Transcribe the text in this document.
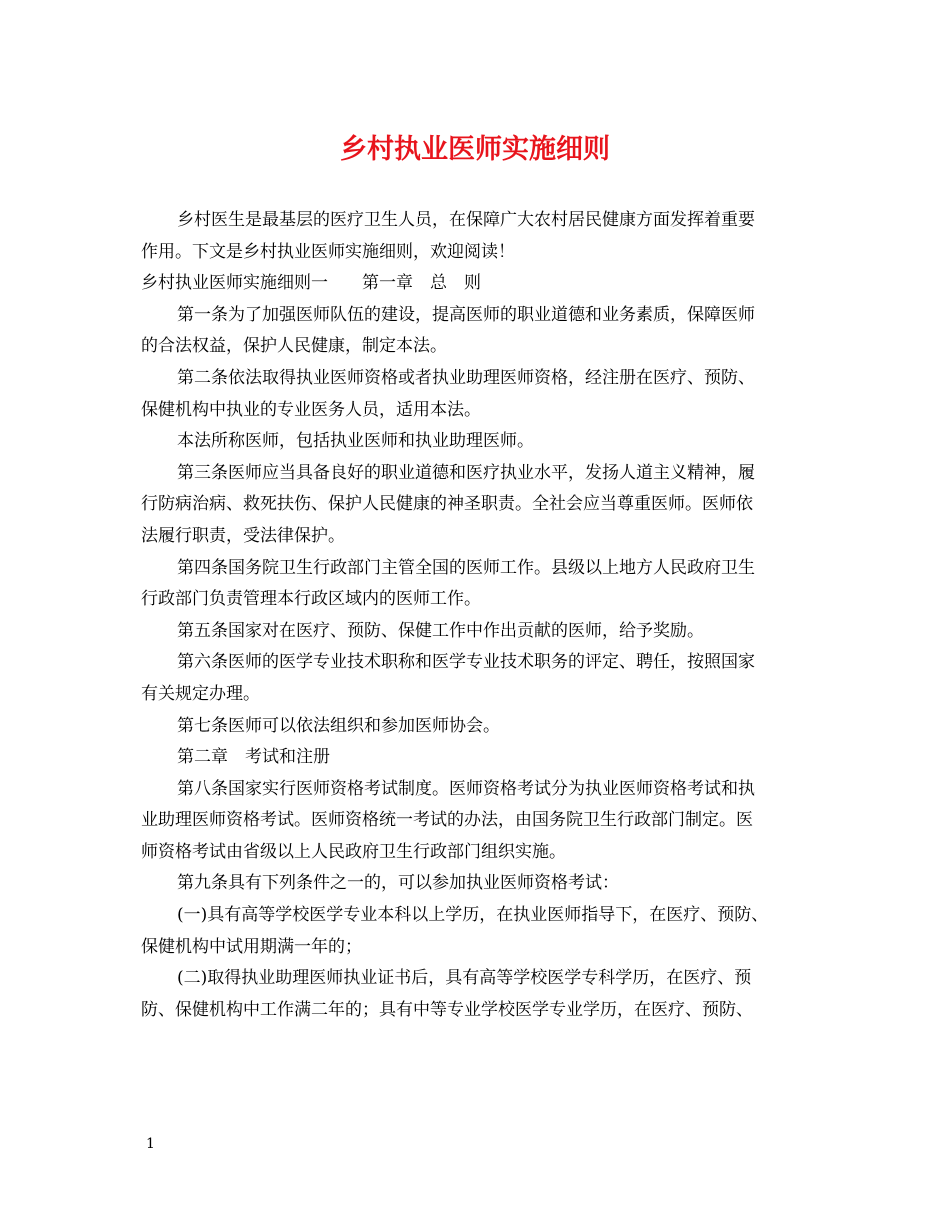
乡村执业医师实施细则

乡村医生是最基层的医疗卫生人员，在保障广大农村居民健康方面发挥着重要

作用。下文是乡村执业医师实施细则，欢迎阅读！

乡村执业医师实施细则一　　第一章　总　则

第一条为了加强医师队伍的建设，提高医师的职业道德和业务素质，保障医师

的合法权益，保护人民健康，制定本法。

第二条依法取得执业医师资格或者执业助理医师资格，经注册在医疗、预防、

保健机构中执业的专业医务人员，适用本法。

本法所称医师，包括执业医师和执业助理医师。

第三条医师应当具备良好的职业道德和医疗执业水平，发扬人道主义精神，履

行防病治病、救死扶伤、保护人民健康的神圣职责。全社会应当尊重医师。医师依

法履行职责，受法律保护。

第四条国务院卫生行政部门主管全国的医师工作。县级以上地方人民政府卫生

行政部门负责管理本行政区域内的医师工作。

第五条国家对在医疗、预防、保健工作中作出贡献的医师，给予奖励。

第六条医师的医学专业技术职称和医学专业技术职务的评定、聘任，按照国家

有关规定办理。

第七条医师可以依法组织和参加医师协会。

第二章　考试和注册

第八条国家实行医师资格考试制度。医师资格考试分为执业医师资格考试和执

业助理医师资格考试。医师资格统一考试的办法，由国务院卫生行政部门制定。医

师资格考试由省级以上人民政府卫生行政部门组织实施。

第九条具有下列条件之一的，可以参加执业医师资格考试：

(一)具有高等学校医学专业本科以上学历，在执业医师指导下，在医疗、预防、

保健机构中试用期满一年的；

(二)取得执业助理医师执业证书后，具有高等学校医学专科学历，在医疗、预

防、保健机构中工作满二年的；具有中等专业学校医学专业学历，在医疗、预防、

1
